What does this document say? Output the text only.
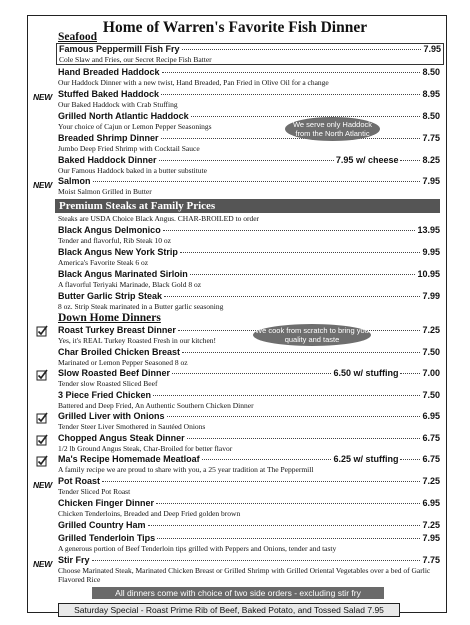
Home of Warren's Favorite Fish Dinner
Seafood
Famous Peppermill Fish Fry	7.95
Cole Slaw and Fries, our Secret Recipe Fish Batter
Hand Breaded Haddock	8.50
Our Haddock Dinner with a new twist, Hand Breaded, Pan Fried in Olive Oil for a change
NEW Stuffed Baked Haddock	8.95
Our Baked Haddock with Crab Stuffing
Grilled North Atlantic Haddock	8.50
Your choice of Cajun or Lemon Pepper Seasonings
Breaded Shrimp Dinner	7.75
Jumbo Deep Fried Shrimp with Cocktail Sauce
We serve only Haddock from the North Atlantic
Baked Haddock Dinner	7.95 w/ cheese	8.25
Our Famous Haddock baked in a butter substitute
NEW Salmon	7.95
Moist Salmon Grilled in Butter
Premium Steaks at Family Prices
Steaks are USDA Choice Black Angus. CHAR-BROILED to order
Black Angus Delmonico	13.95
Tender and flavorful, Rib Steak 10 oz
Black Angus New York Strip	9.95
America's Favorite Steak 6 oz
Black Angus Marinated Sirloin	10.95
A flavorful Teriyaki Marinade, Black Gold 8 oz
Butter Garlic Strip Steak	7.99
8 oz. Strip Steak marinated in a Butter garlic seasoning
Down Home Dinners
Roast Turkey Breast Dinner	7.25
Yes, it's REAL Turkey Roasted Fresh in our kitchen!
We cook from scratch to bring you quality and taste
Char Broiled Chicken Breast	7.50
Marinated or Lemon Pepper Seasoned 8 oz
Slow Roasted Beef Dinner	6.50 w/ stuffing	7.00
Tender slow Roasted Sliced Beef
3 Piece Fried Chicken	7.50
Battered and Deep Fried, An Authentic Southern Chicken Dinner
Grilled Liver with Onions	6.95
Tender Steer Liver Smothered in Sautéed Onions
Chopped Angus Steak Dinner	6.75
1/2 lb Ground Angus Steak, Char-Broiled for better flavor
Ma's Recipe Homemade Meatloaf	6.25 w/ stuffing	6.75
A family recipe we are proud to share with you, a 25 year tradition at The Peppermill
NEW Pot Roast	7.25
Tender Sliced Pot Roast
Chicken Finger Dinner	6.95
Chicken Tenderloins, Breaded and Deep Fried golden brown
Grilled Country Ham	7.25
Grilled Tenderloin Tips	7.95
A generous portion of Beef Tenderloin tips grilled with Peppers and Onions, tender and tasty
NEW Stir Fry	7.75
Choose Marinated Steak, Marinated Chicken Breast or Grilled Shrimp with Grilled Oriental Vegetables over a bed of Garlic Flavored Rice
All dinners come with choice of two side orders - excluding stir fry
Saturday Special - Roast Prime Rib of Beef, Baked Potato, and Tossed Salad 7.95
